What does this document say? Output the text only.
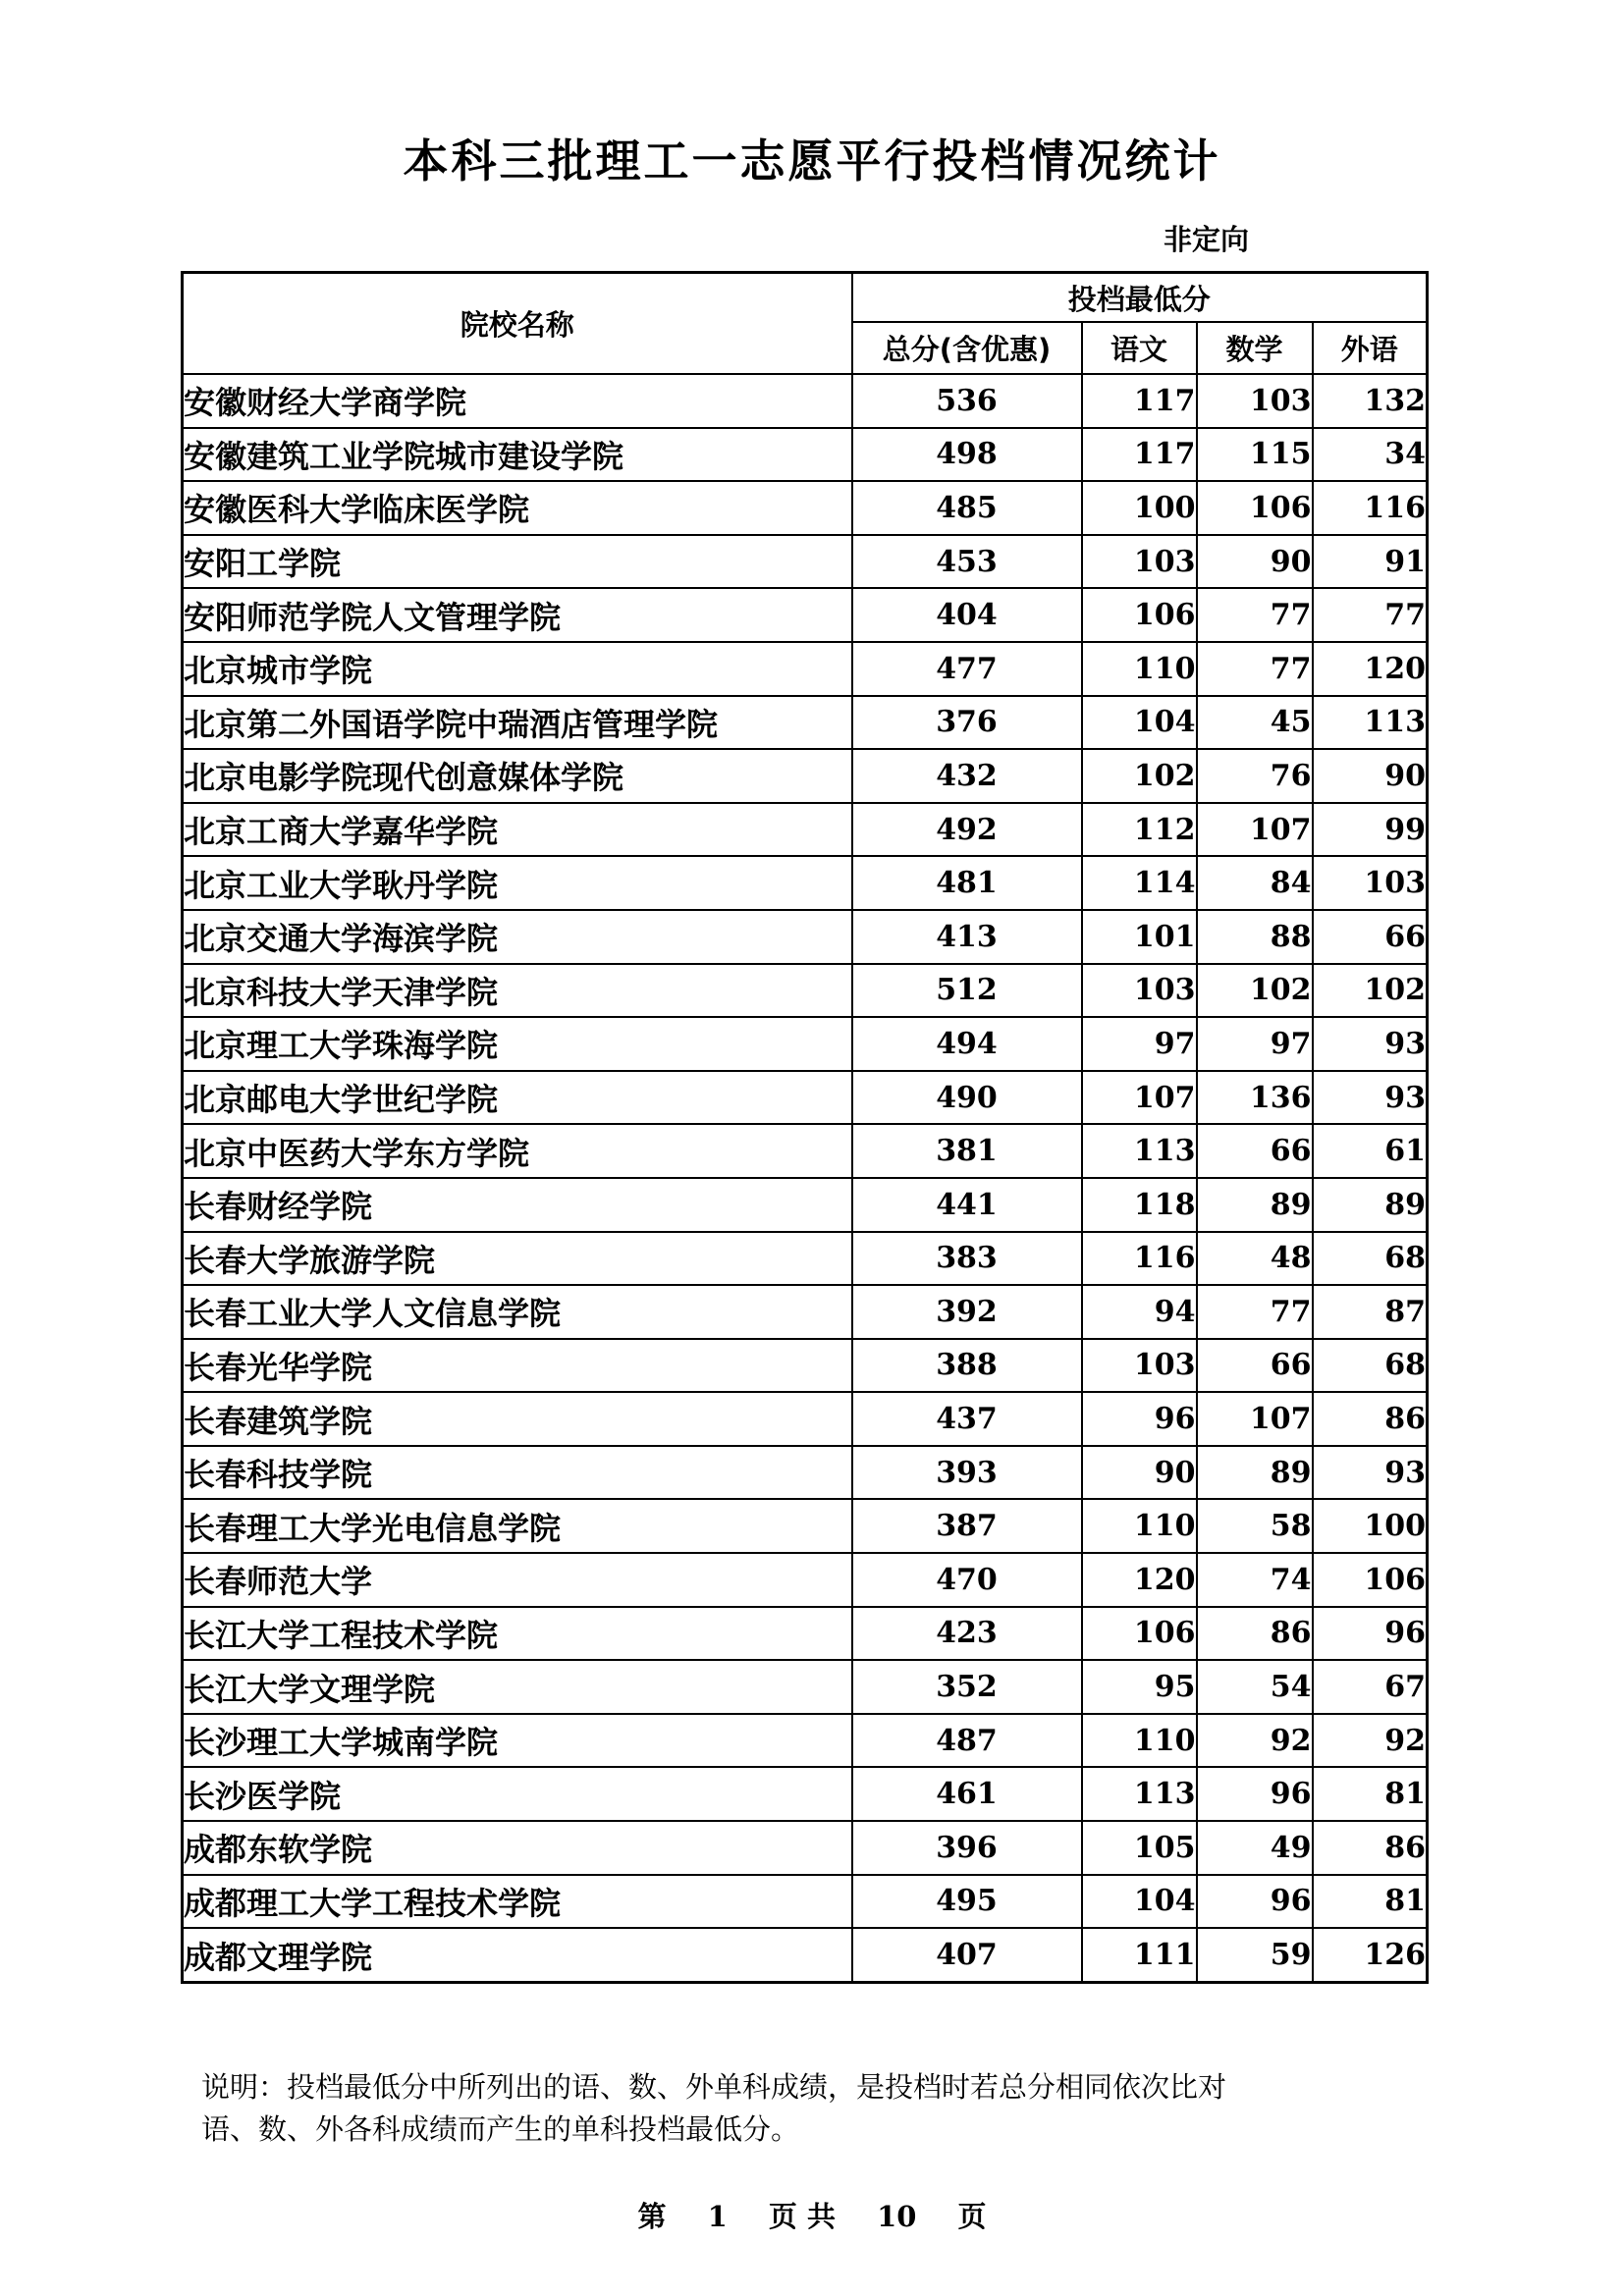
本科三批理工一志愿平行投档情况统计
非定向
院校名称	投档最低分			
	总分(含优惠)	语文	数学	外语
安徽财经大学商学院	536	117	103	132
安徽建筑工业学院城市建设学院	498	117	115	34
安徽医科大学临床医学院	485	100	106	116
安阳工学院	453	103	90	91
安阳师范学院人文管理学院	404	106	77	77
北京城市学院	477	110	77	120
北京第二外国语学院中瑞酒店管理学院	376	104	45	113
北京电影学院现代创意媒体学院	432	102	76	90
北京工商大学嘉华学院	492	112	107	99
北京工业大学耿丹学院	481	114	84	103
北京交通大学海滨学院	413	101	88	66
北京科技大学天津学院	512	103	102	102
北京理工大学珠海学院	494	97	97	93
北京邮电大学世纪学院	490	107	136	93
北京中医药大学东方学院	381	113	66	61
长春财经学院	441	118	89	89
长春大学旅游学院	383	116	48	68
长春工业大学人文信息学院	392	94	77	87
长春光华学院	388	103	66	68
长春建筑学院	437	96	107	86
长春科技学院	393	90	89	93
长春理工大学光电信息学院	387	110	58	100
长春师范大学	470	120	74	106
长江大学工程技术学院	423	106	86	96
长江大学文理学院	352	95	54	67
长沙理工大学城南学院	487	110	92	92
长沙医学院	461	113	96	81
成都东软学院	396	105	49	86
成都理工大学工程技术学院	495	104	96	81
成都文理学院	407	111	59	126

说明：投档最低分中所列出的语、数、外单科成绩，是投档时若总分相同依次比对

语、数、外各科成绩而产生的单科投档最低分。

第 1 页 共 10 页
